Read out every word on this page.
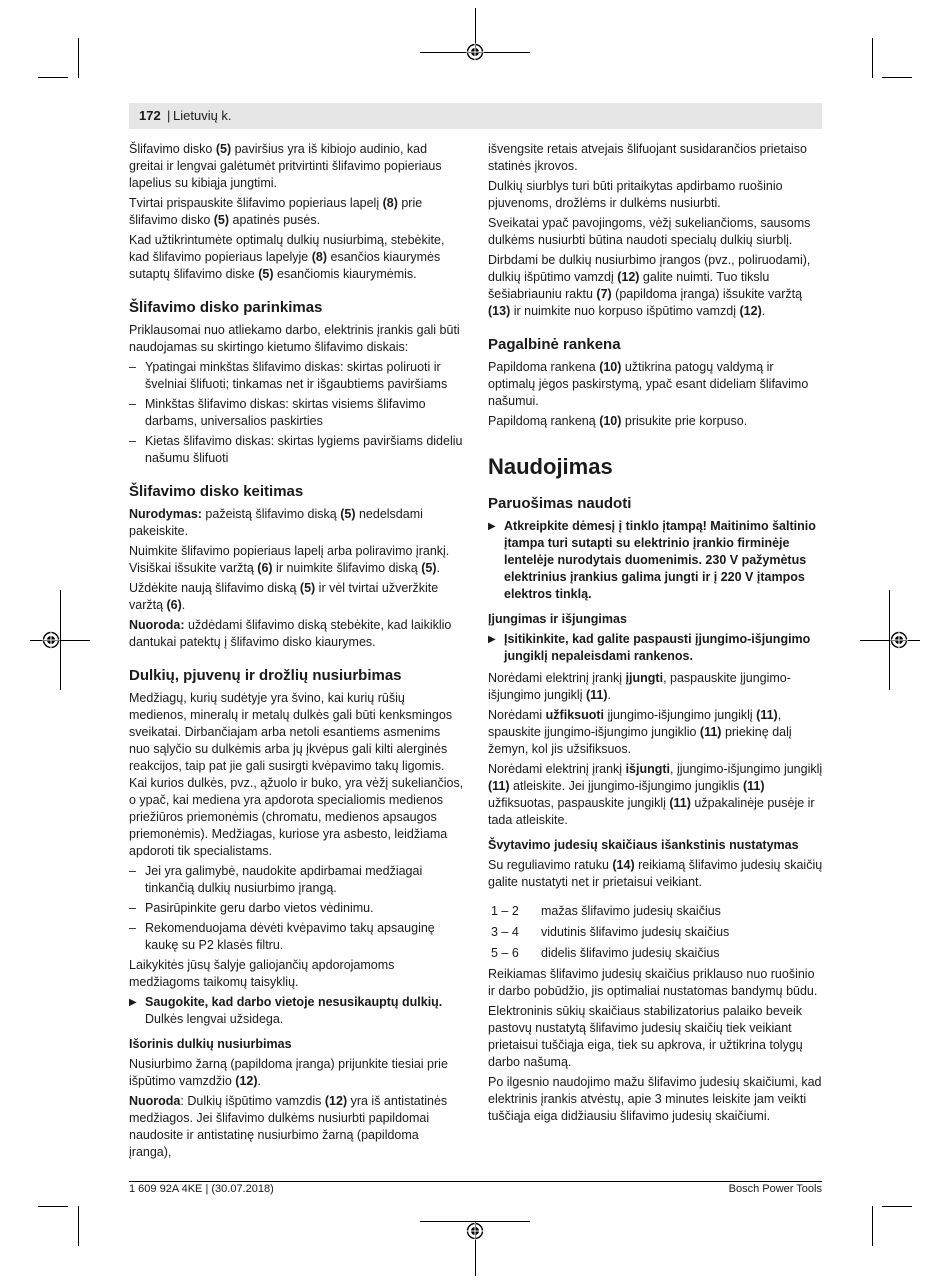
172 | Lietuvių k.

Šlifavimo disko (5) paviršius yra iš kibiojo audinio, kad greitai ir lengvai galėtumėt pritvirtinti šlifavimo popieriaus lapelius su kibiąja jungtimi.

Tvirtai prispauskite šlifavimo popieriaus lapelį (8) prie šlifavimo disko (5) apatinės pusės.

Kad užtikrintumėte optimalų dulkių nusiurbimą, stebėkite, kad šlifavimo popieriaus lapelyje (8) esančios kiaurymės sutaptų šlifavimo diske (5) esančiomis kiaurymėmis.

Šlifavimo disko parinkimas

Priklausomai nuo atliekamo darbo, elektrinis įrankis gali būti naudojamas su skirtingo kietumo šlifavimo diskais:

– Ypatingai minkštas šlifavimo diskas: skirtas poliruoti ir švelniai šlifuoti; tinkamas net ir išgaubtiems paviršiams
– Minkštas šlifavimo diskas: skirtas visiems šlifavimo darbams, universalios paskirties
– Kietas šlifavimo diskas: skirtas lygiems paviršiams dideliu našumu šlifuoti
Šlifavimo disko keitimas

Nurodymas: pažeistą šlifavimo diską (5) nedelsdami pakeiskite.

Nuimkite šlifavimo popieriaus lapelį arba poliravimo įrankį. Visiškai išsukite varžtą (6) ir nuimkite šlifavimo diską (5).

Uždėkite naują šlifavimo diską (5) ir vėl tvirtai užveržkite varžtą (6).

Nuoroda: uždėdami šlifavimo diską stebėkite, kad laikiklio dantukai patektų į šlifavimo disko kiaurymes.

Dulkių, pjuvenų ir drožlių nusiurbimas

Medžiagų, kurių sudėtyje yra švino, kai kurių rūšių medienos, mineralų ir metalų dulkės gali būti kenksmingos sveikatai. Dirbančiajam arba netoli esantiems asmenims nuo sąlyčio su dulkėmis arba jų įkvėpus gali kilti alerginės reakcijos, taip pat jie gali susirgti kvėpavimo takų ligomis.

Kai kurios dulkės, pvz., ąžuolo ir buko, yra vėžį sukeliančios, o ypač, kai mediena yra apdorota specialiomis medienos priežiūros priemonėmis (chromatu, medienos apsaugos priemonėmis). Medžiagas, kuriose yra asbesto, leidžiama apdoroti tik specialistams.

– Jei yra galimybė, naudokite apdirbamai medžiagai tinkančią dulkių nusiurbimo įrangą.
– Pasirūpinkite geru darbo vietos vėdinimu.
– Rekomenduojama dėvėti kvėpavimo takų apsauginę kaukę su P2 klasės filtru.

Laikykitės jūsų šalyje galiojančių apdorojamoms medžiagoms taikomų taisyklių.

▶ Saugokite, kad darbo vietoje nesusikauptų dulkių. Dulkės lengvai užsidega.
Išorinis dulkių nusiurbimas

Nusiurbimo žarną (papildoma įranga) prijunkite tiesiai prie išpūtimo vamzdžio (12).

Nuoroda: Dulkių išpūtimo vamzdis (12) yra iš antistatinės medžiagos. Jei šlifavimo dulkėms nusiurbti papildomai naudosite ir antistatinę nusiurbimo žarną (papildoma įranga),

išvengsite retais atvejais šlifuojant susidarančios prietaiso statinės įkrovos.

Dulkių siurblys turi būti pritaikytas apdirbamo ruošinio pjuvenoms, drožlėms ir dulkėms nusiurbti.

Sveikatai ypač pavojingoms, vėžį sukeliančioms, sausoms dulkėms nusiurbti būtina naudoti specialų dulkių siurblį.

Dirbdami be dulkių nusiurbimo įrangos (pvz., poliruodami), dulkių išpūtimo vamzdį (12) galite nuimti. Tuo tikslu šešiabriauniu raktu (7) (papildoma įranga) išsukite varžtą (13) ir nuimkite nuo korpuso išpūtimo vamzdį (12).

Pagalbinė rankena

Papildoma rankena (10) užtikrina patogų valdymą ir optimalų jėgos paskirstymą, ypač esant dideliam šlifavimo našumui.

Papildomą rankeną (10) prisukite prie korpuso.

Naudojimas
Paruošimas naudoti
▶ Atkreipkite dėmesį į tinklo įtampą! Maitinimo šaltinio įtampa turi sutapti su elektrinio įrankio firminėje lentelėje nurodytais duomenimis. 230 V pažymėtus elektrinius įrankius galima jungti ir į 220 V įtampos elektros tinklą.
Įjungimas ir išjungimas
▶ Įsitikinkite, kad galite paspausti įjungimo-išjungimo jungiklį nepaleisdami rankenos.

Norėdami elektrinį įrankį įjungti, paspauskite įjungimo-išjungimo jungiklį (11).

Norėdami užfiksuoti įjungimo-išjungimo jungiklį (11), spauskite įjungimo-išjungimo jungiklio (11) priekinę dalį žemyn, kol jis užsifiksuos.

Norėdami elektrinį įrankį išjungti, įjungimo-išjungimo jungiklį (11) atleiskite. Jei įjungimo-išjungimo jungiklis (11) užfiksuotas, paspauskite jungiklį (11) užpakalinėje pusėje ir tada atleiskite.

Švytavimo judesių skaičiaus išankstinis nustatymas

Su reguliavimo ratuku (14) reikiamą šlifavimo judesių skaičių galite nustatyti net ir prietaisui veikiant.

1 – 2	mažas šlifavimo judesių skaičius
3 – 4	vidutinis šlifavimo judesių skaičius
5 – 6	didelis šlifavimo judesių skaičius

Reikiamas šlifavimo judesių skaičius priklauso nuo ruošinio ir darbo pobūdžio, jis optimaliai nustatomas bandymų būdu.

Elektroninis sūkių skaičiaus stabilizatorius palaiko beveik pastovų nustatytą šlifavimo judesių skaičių tiek veikiant prietaisui tuščiąja eiga, tiek su apkrova, ir užtikrina tolygų darbo našumą.

Po ilgesnio naudojimo mažu šlifavimo judesių skaičiumi, kad elektrinis įrankis atvėstų, apie 3 minutes leiskite jam veikti tuščiąja eiga didžiausiu šlifavimo judesių skaičiumi.

1 609 92A 4KE | (30.07.2018)	Bosch Power Tools
